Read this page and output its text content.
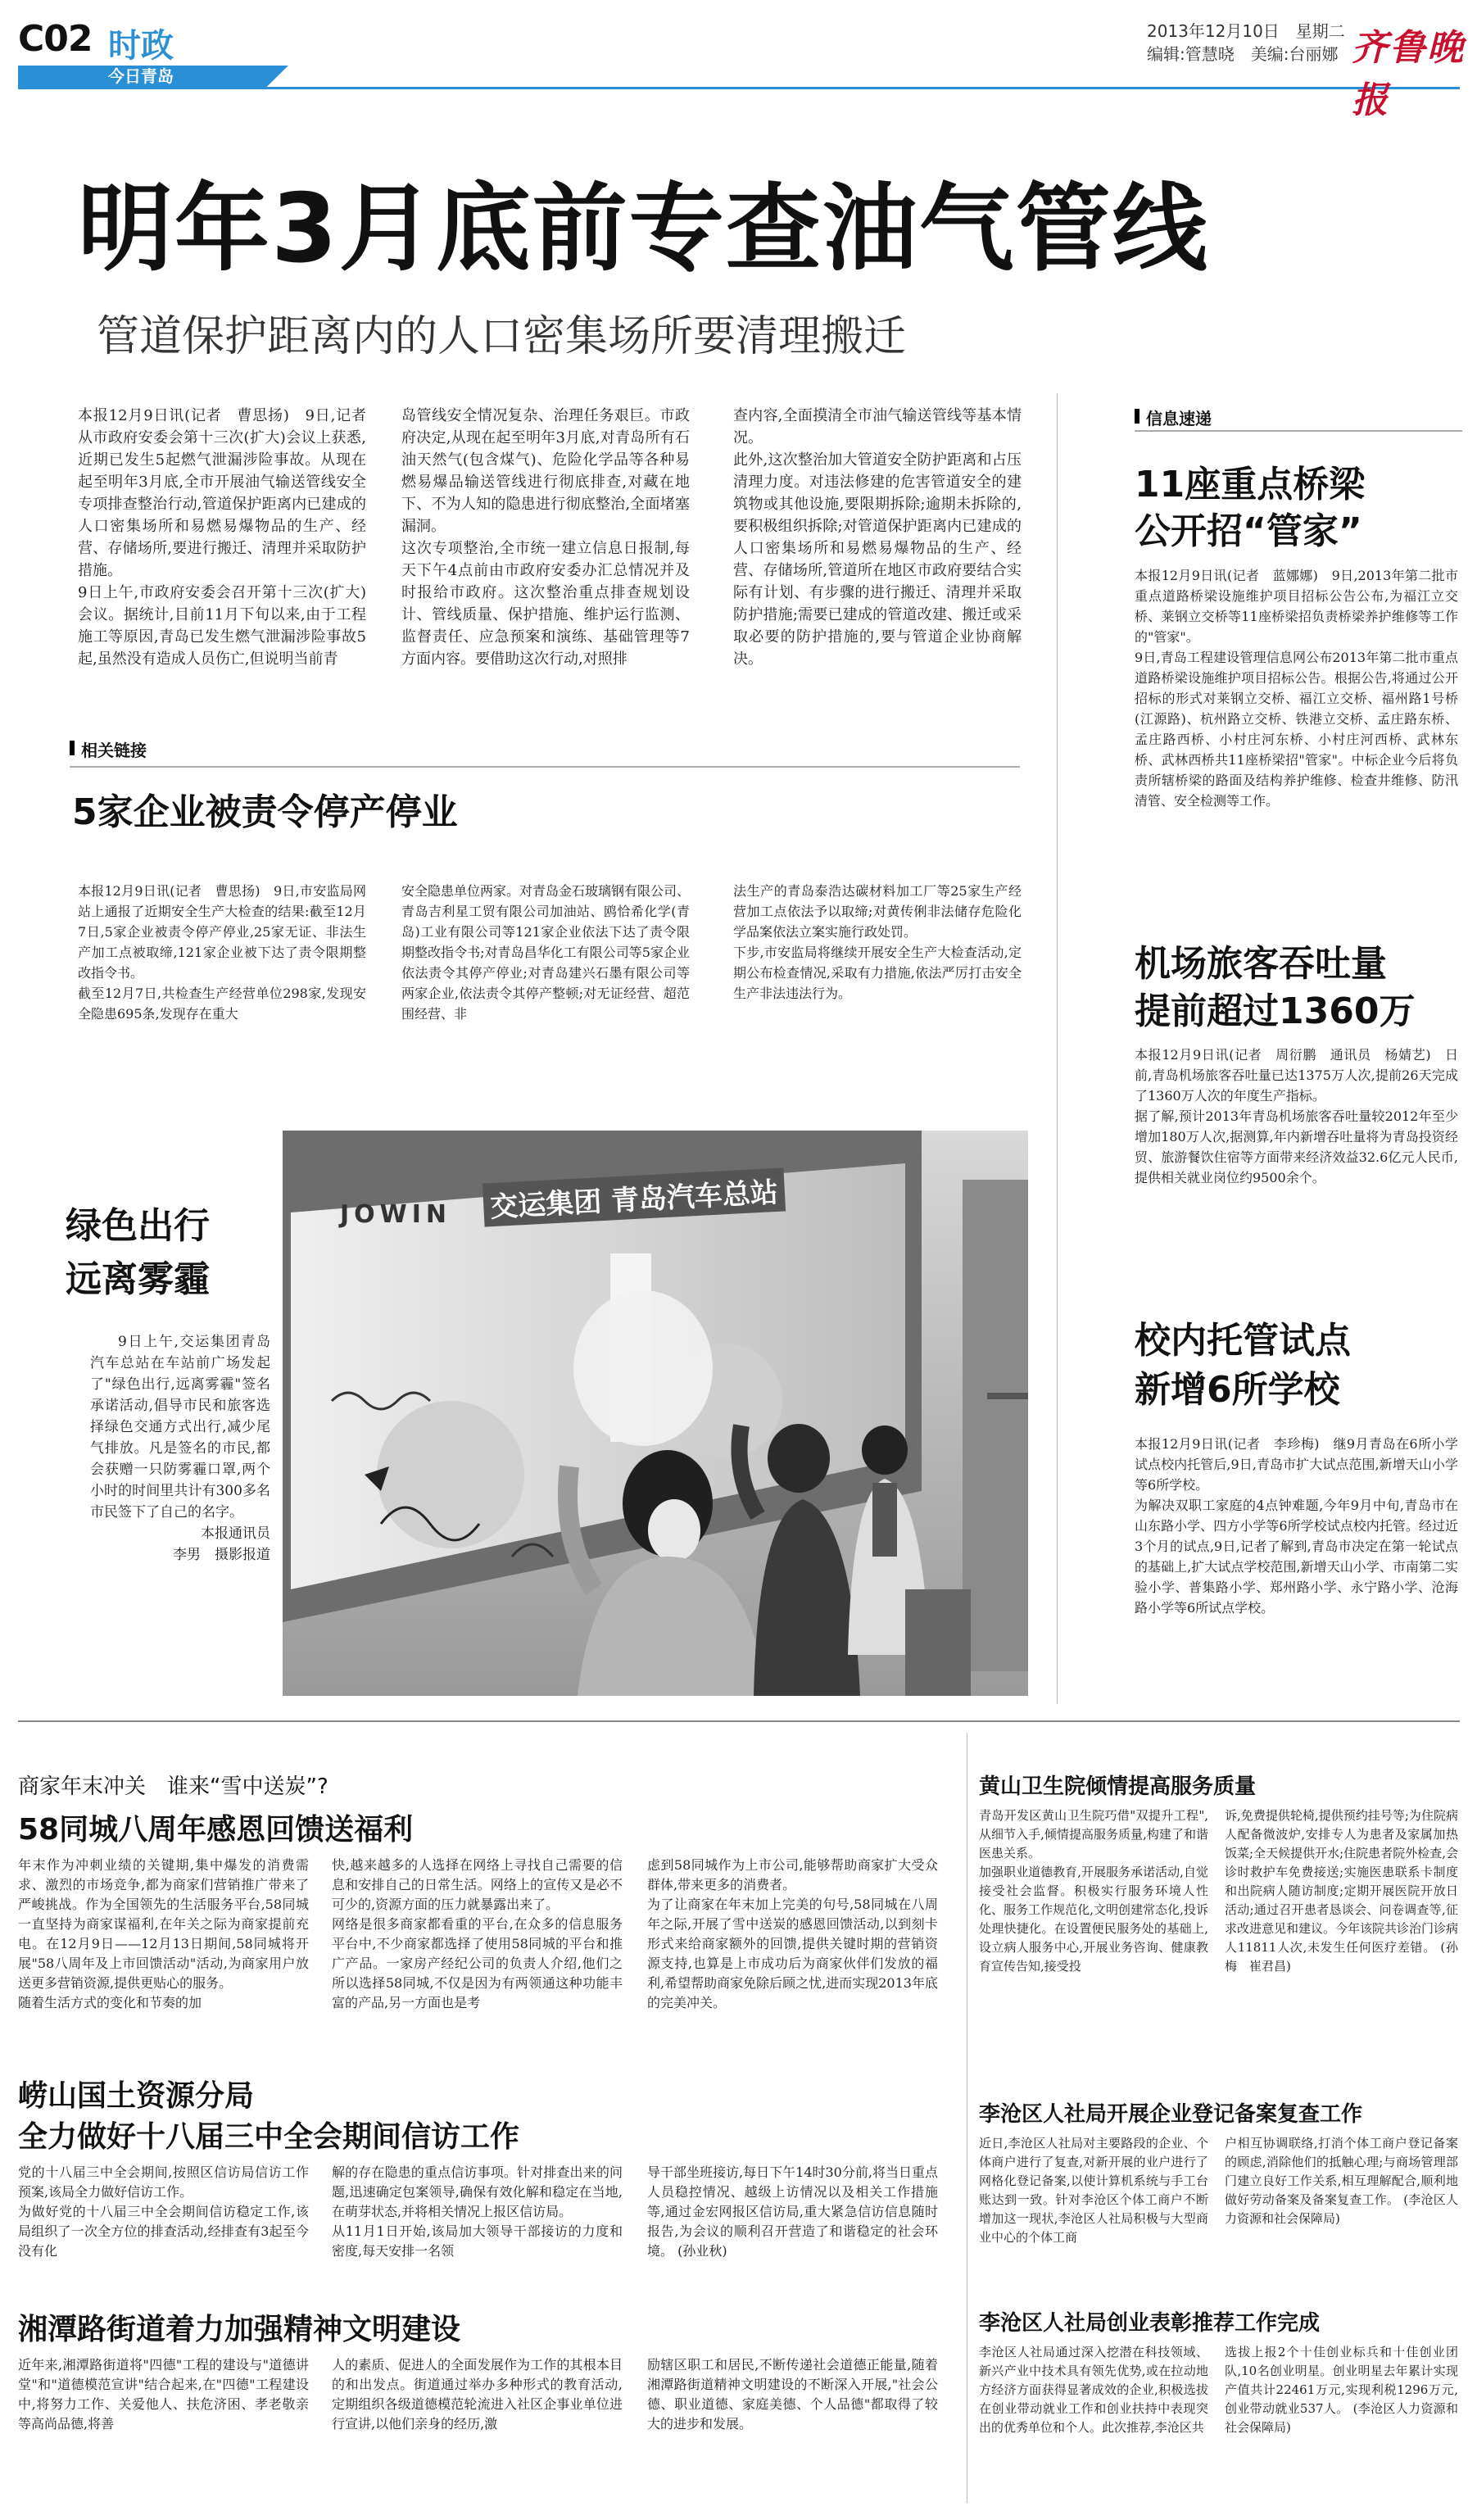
C02 时政
今日青岛
2013年12月10日　星期二
编辑:管慧晓　美编:台丽娜 齐鲁晚报
明年3月底前专查油气管线
管道保护距离内的人口密集场所要清理搬迁
本报12月9日讯(记者　曹思扬)　9日,记者从市政府安委会第十三次(扩大)会议上获悉,近期已发生5起燃气泄漏涉险事故。从现在起至明年3月底,全市开展油气输送管线安全专项排查整治行动,管道保护距离内已建成的人口密集场所和易燃易爆物品的生产、经营、存储场所,要进行搬迁、清理并采取防护措施。
9日上午,市政府安委会召开第十三次(扩大)会议。据统计,目前11月下旬以来,由于工程施工等原因,青岛已发生燃气泄漏涉险事故5起,虽然没有造成人员伤亡,但说明当前青
岛管线安全情况复杂、治理任务艰巨。市政府决定,从现在起至明年3月底,对青岛所有石油天然气(包含煤气)、危险化学品等各种易燃易爆品输送管线进行彻底排查,对藏在地下、不为人知的隐患进行彻底整治,全面堵塞漏洞。
这次专项整治,全市统一建立信息日报制,每天下午4点前由市政府安委办汇总情况并及时报给市政府。这次整治重点排查规划设计、管线质量、保护措施、维护运行监测、监督责任、应急预案和演练、基础管理等7方面内容。要借助这次行动,对照排
查内容,全面摸清全市油气输送管线等基本情况。
此外,这次整治加大管道安全防护距离和占压清理力度。对违法修建的危害管道安全的建筑物或其他设施,要限期拆除;逾期未拆除的,要积极组织拆除;对管道保护距离内已建成的人口密集场所和易燃易爆物品的生产、经营、存储场所,管道所在地区市政府要结合实际有计划、有步骤的进行搬迁、清理并采取防护措施;需要已建成的管道改建、搬迁或采取必要的防护措施的,要与管道企业协商解决。
相关链接
5家企业被责令停产停业
本报12月9日讯(记者　曹思扬)　9日,市安监局网站上通报了近期安全生产大检查的结果:截至12月7日,5家企业被责令停产停业,25家无证、非法生产加工点被取缔,121家企业被下达了责令限期整改指令书。
截至12月7日,共检查生产经营单位298家,发现安全隐患695条,发现存在重大
安全隐患单位两家。对青岛金石玻璃钢有限公司、青岛吉利星工贸有限公司加油站、鸥恰希化学(青岛)工业有限公司等121家企业依法下达了责令限期整改指令书;对青岛昌华化工有限公司等5家企业依法责令其停产停业;对青岛建兴石墨有限公司等两家企业,依法责令其停产整顿;对无证经营、超范围经营、非
法生产的青岛泰浩达碳材料加工厂等25家生产经营加工点依法予以取缔;对黄传俐非法储存危险化学品案依法立案实施行政处罚。
下步,市安监局将继续开展安全生产大检查活动,定期公布检查情况,采取有力措施,依法严厉打击安全生产非法违法行为。
绿色出行
远离雾霾

9日上午,交运集团青岛汽车总站在车站前广场发起了"绿色出行,远离雾霾"签名承诺活动,倡导市民和旅客选择绿色交通方式出行,减少尾气排放。凡是签名的市民,都会获赠一只防雾霾口罩,两个小时的时间里共计有300多名市民签下了自己的名字。

本报通讯员
李男　摄影报道
JOWIN 交运集团 青岛汽车总站
信息速递
11座重点桥梁
公开招“管家”
本报12月9日讯(记者　蓝娜娜)　9日,2013年第二批市重点道路桥梁设施维护项目招标公告公布,为福江立交桥、莱钢立交桥等11座桥梁招负责桥梁养护维修等工作的"管家"。
9日,青岛工程建设管理信息网公布2013年第二批市重点道路桥梁设施维护项目招标公告。根据公告,将通过公开招标的形式对莱钢立交桥、福江立交桥、福州路1号桥(江源路)、杭州路立交桥、铁港立交桥、孟庄路东桥、孟庄路西桥、小村庄河东桥、小村庄河西桥、武林东桥、武林西桥共11座桥梁招"管家"。中标企业今后将负责所辖桥梁的路面及结构养护维修、检查井维修、防汛清管、安全检测等工作。
机场旅客吞吐量
提前超过1360万
本报12月9日讯(记者　周衍鹏　通讯员　杨婧艺)　日前,青岛机场旅客吞吐量已达1375万人次,提前26天完成了1360万人次的年度生产指标。
据了解,预计2013年青岛机场旅客吞吐量较2012年至少增加180万人次,据测算,年内新增吞吐量将为青岛投资经贸、旅游餐饮住宿等方面带来经济效益32.6亿元人民币,提供相关就业岗位约9500余个。
校内托管试点
新增6所学校
本报12月9日讯(记者　李珍梅)　继9月青岛在6所小学试点校内托管后,9日,青岛市扩大试点范围,新增天山小学等6所学校。
为解决双职工家庭的4点钟难题,今年9月中旬,青岛市在山东路小学、四方小学等6所学校试点校内托管。经过近3个月的试点,9日,记者了解到,青岛市决定在第一轮试点的基础上,扩大试点学校范围,新增天山小学、市南第二实验小学、普集路小学、郑州路小学、永宁路小学、沧海路小学等6所试点学校。
商家年末冲关　谁来“雪中送炭”?
58同城八周年感恩回馈送福利
年末作为冲刺业绩的关键期,集中爆发的消费需求、激烈的市场竞争,都为商家们营销推广带来了严峻挑战。作为全国领先的生活服务平台,58同城一直坚持为商家谋福利,在年关之际为商家提前充电。在12月9日——12月13日期间,58同城将开展"58八周年及上市回馈活动"活动,为商家用户放送更多营销资源,提供更贴心的服务。
随着生活方式的变化和节奏的加
快,越来越多的人选择在网络上寻找自己需要的信息和安排自己的日常生活。网络上的宣传又是必不可少的,资源方面的压力就暴露出来了。
网络是很多商家都看重的平台,在众多的信息服务平台中,不少商家都选择了使用58同城的平台和推广产品。一家房产经纪公司的负责人介绍,他们之所以选择58同城,不仅是因为有两领通这种功能丰富的产品,另一方面也是考
虑到58同城作为上市公司,能够帮助商家扩大受众群体,带来更多的消费者。
为了让商家在年末加上完美的句号,58同城在八周年之际,开展了雪中送炭的感恩回馈活动,以到刻卡形式来给商家额外的回馈,提供关键时期的营销资源支持,也算是上市成功后为商家伙伴们发放的福利,希望帮助商家免除后顾之忧,进而实现2013年底的完美冲关。
崂山国土资源分局
全力做好十八届三中全会期间信访工作
党的十八届三中全会期间,按照区信访局信访工作预案,该局全力做好信访工作。
为做好党的十八届三中全会期间信访稳定工作,该局组织了一次全方位的排查活动,经排查有3起至今没有化
解的存在隐患的重点信访事项。针对排查出来的问题,迅速确定包案领导,确保有效化解和稳定在当地,在萌芽状态,并将相关情况上报区信访局。
从11月1日开始,该局加大领导干部接访的力度和密度,每天安排一名领
导干部坐班接访,每日下午14时30分前,将当日重点人员稳控情况、越级上访情况以及相关工作措施等,通过金宏网报区信访局,重大紧急信访信息随时报告,为会议的顺利召开营造了和谐稳定的社会环境。 (孙业秋)
湘潭路街道着力加强精神文明建设
近年来,湘潭路街道将"四德"工程的建设与"道德讲堂"和"道德模范宣讲"结合起来,在"四德"工程建设中,将努力工作、关爱他人、扶危济困、孝老敬亲等高尚品德,将善
人的素质、促进人的全面发展作为工作的其根本目的和出发点。街道通过举办多种形式的教育活动,定期组织各级道德模范轮流进入社区企事业单位进行宣讲,以他们亲身的经历,激
励辖区职工和居民,不断传递社会道德正能量,随着湘潭路街道精神文明建设的不断深入开展,"社会公德、职业道德、家庭美德、个人品德"都取得了较大的进步和发展。
黄山卫生院倾情提高服务质量
青岛开发区黄山卫生院巧借"双提升工程",从细节入手,倾情提高服务质量,构建了和谐医患关系。
加强职业道德教育,开展服务承诺活动,自觉接受社会监督。积极实行服务环境人性化、服务工作规范化,文明创建常态化,投诉处理快捷化。在设置便民服务处的基础上,设立病人服务中心,开展业务咨询、健康教育宣传告知,接受投
诉,免费提供轮椅,提供预约挂号等;为住院病人配备微波炉,安排专人为患者及家属加热饭菜;全天候提供开水;住院患者院外检查,会诊时救护车免费接送;实施医患联系卡制度和出院病人随访制度;定期开展医院开放日活动;通过召开患者恳谈会、问卷调查等,征求改进意见和建议。今年该院共诊治门诊病人11811人次,未发生任何医疗差错。 (孙梅　崔君昌)
李沧区人社局开展企业登记备案复查工作
近日,李沧区人社局对主要路段的企业、个体商户进行了复查,对新开展的业户进行了网格化登记备案,以使计算机系统与手工台账达到一致。针对李沧区个体工商户不断增加这一现状,李沧区人社局积极与大型商业中心的个体工商
户相互协调联络,打消个体工商户登记备案的顾虑,消除他们的抵触心理;与商场管理部门建立良好工作关系,相互理解配合,顺利地做好劳动备案及备案复查工作。 (李沧区人力资源和社会保障局)
李沧区人社局创业表彰推荐工作完成
李沧区人社局通过深入挖潜在科技领域、新兴产业中技术具有领先优势,或在拉动地方经济方面获得显著成效的企业,积极选拔在创业带动就业工作和创业扶持中表现突出的优秀单位和个人。此次推荐,李沧区共
选拔上报2个十佳创业标兵和十佳创业团队,10名创业明星。创业明星去年累计实现产值共计22461万元,实现利税1296万元,创业带动就业537人。 (李沧区人力资源和社会保障局)
